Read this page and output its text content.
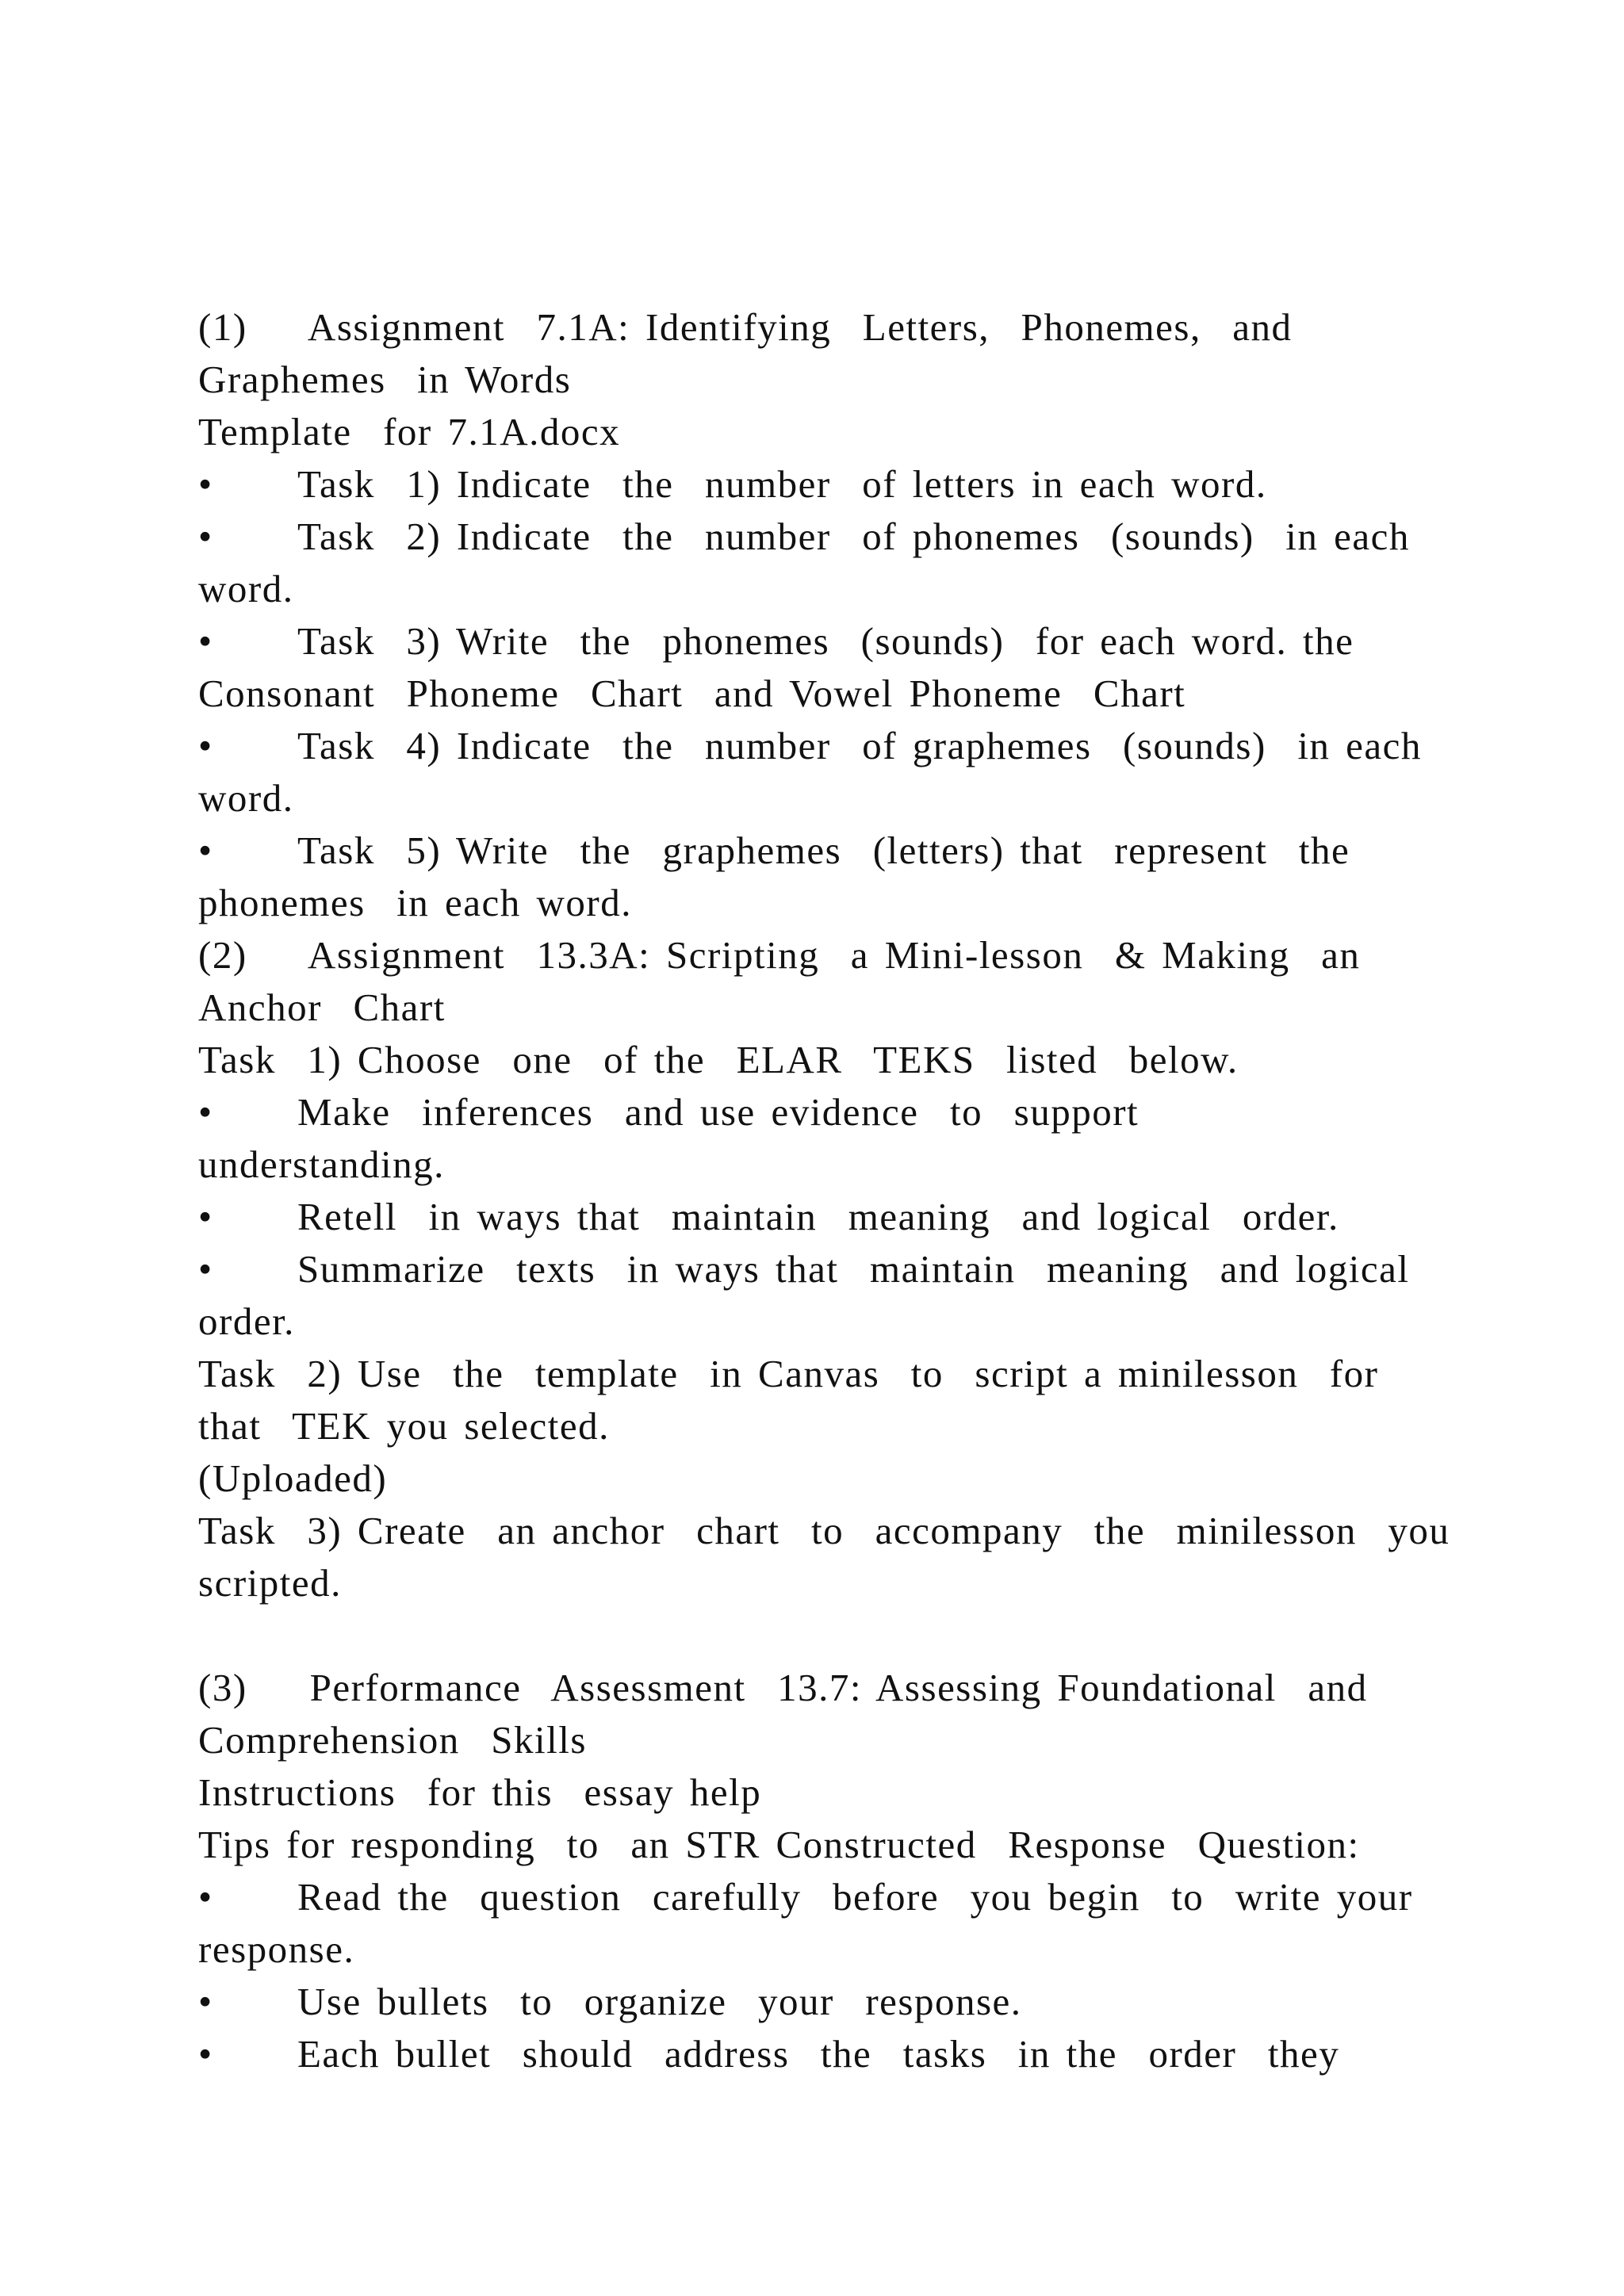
(1)    Assignment  7.1A: Identifying  Letters,  Phonemes,  and
Graphemes  in Words
Template  for 7.1A.docx
• Task  1) Indicate  the  number  of letters in each word.
• Task  2) Indicate  the  number  of phonemes  (sounds)  in each
word.
• Task  3) Write  the  phonemes  (sounds)  for each word. the
Consonant  Phoneme  Chart  and Vowel Phoneme  Chart
• Task  4) Indicate  the  number  of graphemes  (sounds)  in each
word.
• Task  5) Write  the  graphemes  (letters) that  represent  the
phonemes  in each word.
(2)    Assignment  13.3A: Scripting  a Mini-lesson  & Making  an
Anchor  Chart
Task  1) Choose  one  of the  ELAR  TEKS  listed  below.
• Make  inferences  and use evidence  to  support
understanding.
• Retell  in ways that  maintain  meaning  and logical  order.
• Summarize  texts  in ways that  maintain  meaning  and logical
order.
Task  2) Use  the  template  in Canvas  to  script a minilesson  for
that  TEK you selected.
(Uploaded)
Task  3) Create  an anchor  chart  to  accompany  the  minilesson  you
scripted.
(3)    Performance  Assessment  13.7: Assessing Foundational  and
Comprehension  Skills
Instructions  for this  essay help
Tips for responding  to  an STR Constructed  Response  Question:
• Read the  question  carefully  before  you begin  to  write your
response.
• Use bullets  to  organize  your  response.
• Each bullet  should  address  the  tasks  in the  order  they
